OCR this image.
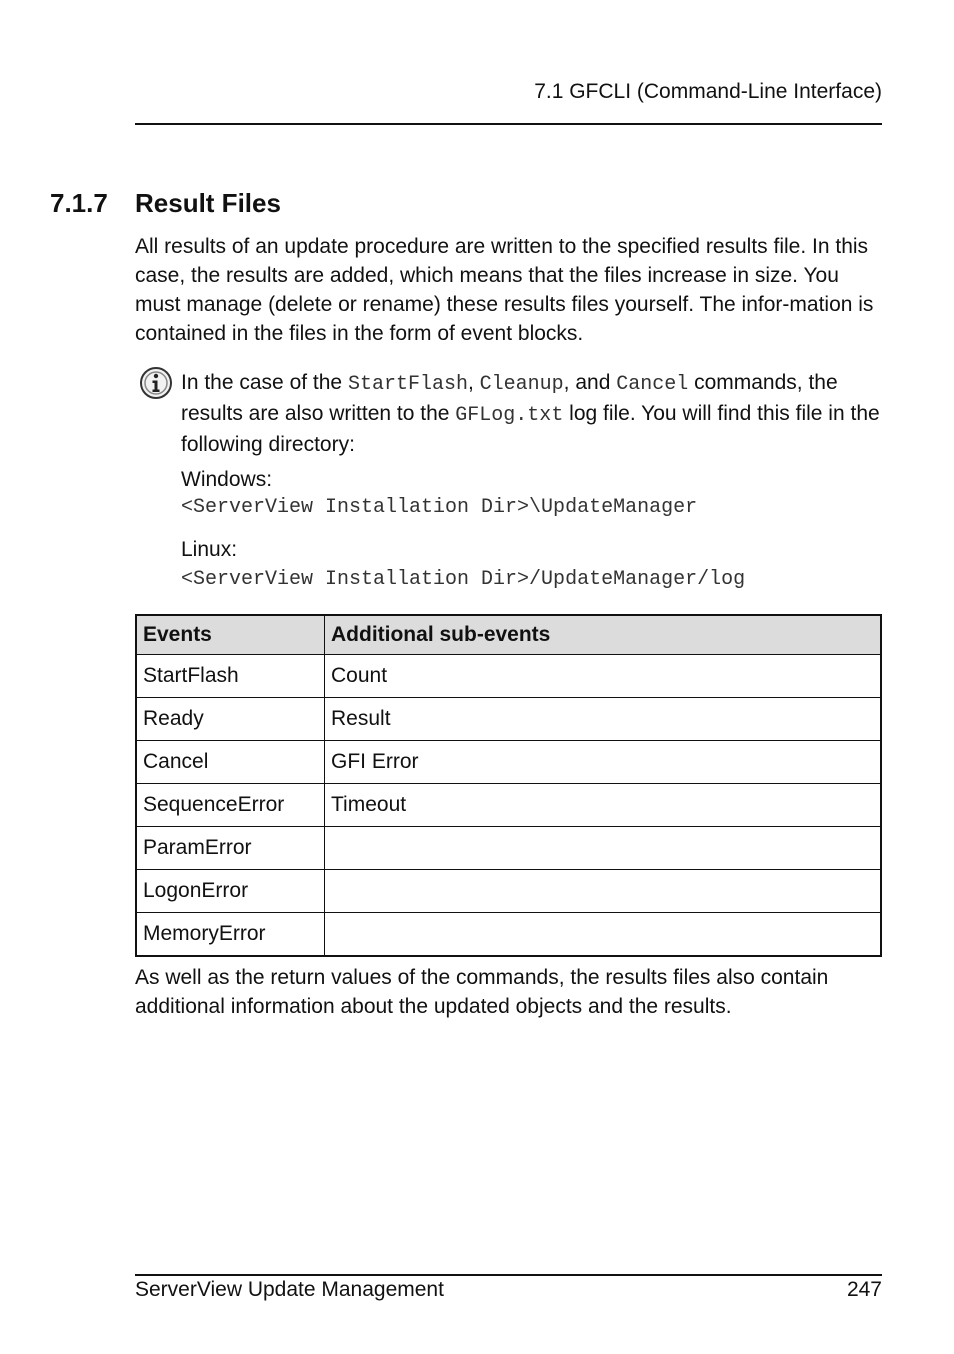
7.1 GFCLI (Command-Line Interface)
7.1.7 Result Files

All results of an update procedure are written to the specified results file. In this case, the results are added, which means that the files increase in size. You must manage (delete or rename) these results files yourself. The infor-mation is contained in the files in the form of event blocks.

In the case of the StartFlash, Cleanup, and Cancel commands, the results are also written to the GFLog.txt log file. You will find this file in the following directory:

Windows:
<ServerView Installation Dir>\UpdateManager
Linux:
<ServerView Installation Dir>/UpdateManager/log
Events	Additional sub-events
StartFlash	Count
Ready	Result
Cancel	GFI Error
SequenceError	Timeout
ParamError	
LogonError	
MemoryError	

As well as the return values of the commands, the results files also contain additional information about the updated objects and the results.

ServerView Update Management	247
